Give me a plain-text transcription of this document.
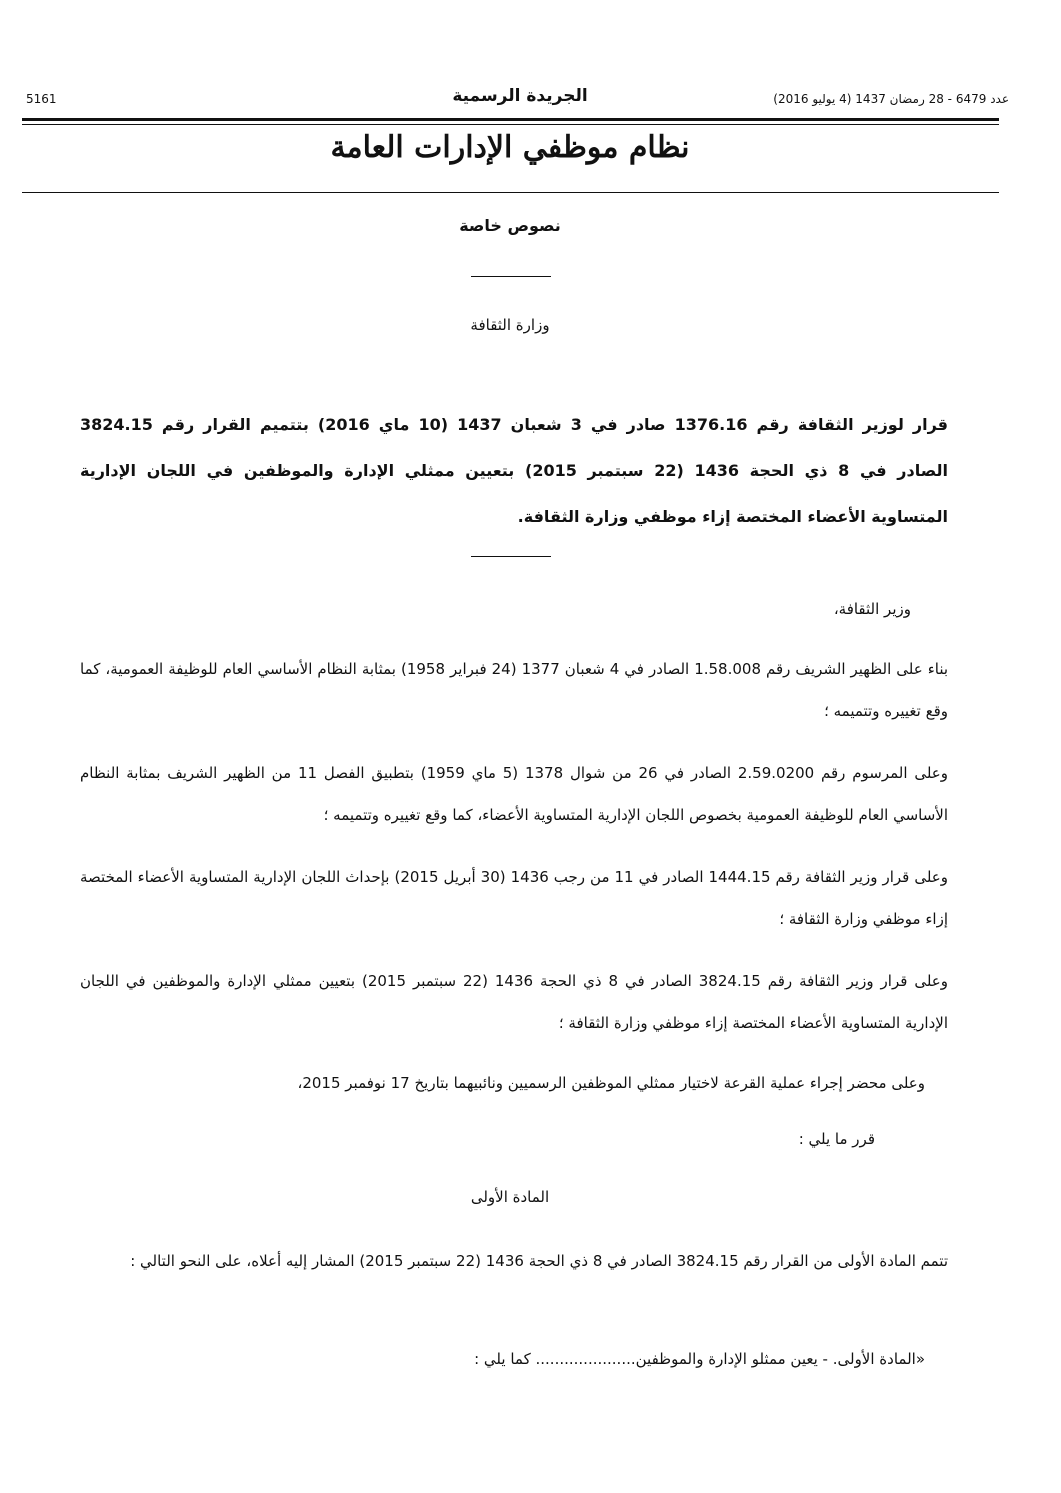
5161	الجريدة الرسمية	عدد 6479 - 28 رمضان 1437 (4 يوليو 2016)
نظام موظفي الإدارات العامة
نصوص خاصة
وزارة الثقافة
قرار لوزير الثقافة رقم 1376.16 صادر في 3 شعبان 1437 (10 ماي 2016) بتتميم القرار رقم 3824.15 الصادر في 8 ذي الحجة 1436 (22 سبتمبر 2015) بتعيين ممثلي الإدارة والموظفين في اللجان الإدارية المتساوية الأعضاء المختصة إزاء موظفي وزارة الثقافة.
وزير الثقافة،
بناء على الظهير الشريف رقم 1.58.008 الصادر في 4 شعبان 1377 (24 فبراير 1958) بمثابة النظام الأساسي العام للوظيفة العمومية، كما وقع تغييره وتتميمه ؛
وعلى المرسوم رقم 2.59.0200 الصادر في 26 من شوال 1378 (5 ماي 1959) بتطبيق الفصل 11 من الظهير الشريف بمثابة النظام الأساسي العام للوظيفة العمومية بخصوص اللجان الإدارية المتساوية الأعضاء، كما وقع تغييره وتتميمه ؛
وعلى قرار وزير الثقافة رقم 1444.15 الصادر في 11 من رجب 1436 (30 أبريل 2015) بإحداث اللجان الإدارية المتساوية الأعضاء المختصة إزاء موظفي وزارة الثقافة ؛
وعلى قرار وزير الثقافة رقم 3824.15 الصادر في 8 ذي الحجة 1436 (22 سبتمبر 2015) بتعيين ممثلي الإدارة والموظفين في اللجان الإدارية المتساوية الأعضاء المختصة إزاء موظفي وزارة الثقافة ؛
وعلى محضر إجراء عملية القرعة لاختيار ممثلي الموظفين الرسميين ونائبيهما بتاريخ 17 نوفمبر 2015،
قرر ما يلي :
المادة الأولى
تتمم المادة الأولى من القرار رقم 3824.15 الصادر في 8 ذي الحجة 1436 (22 سبتمبر 2015) المشار إليه أعلاه، على النحو التالي :
«المادة الأولى. - يعين ممثلو الإدارة والموظفين..................... كما يلي :
